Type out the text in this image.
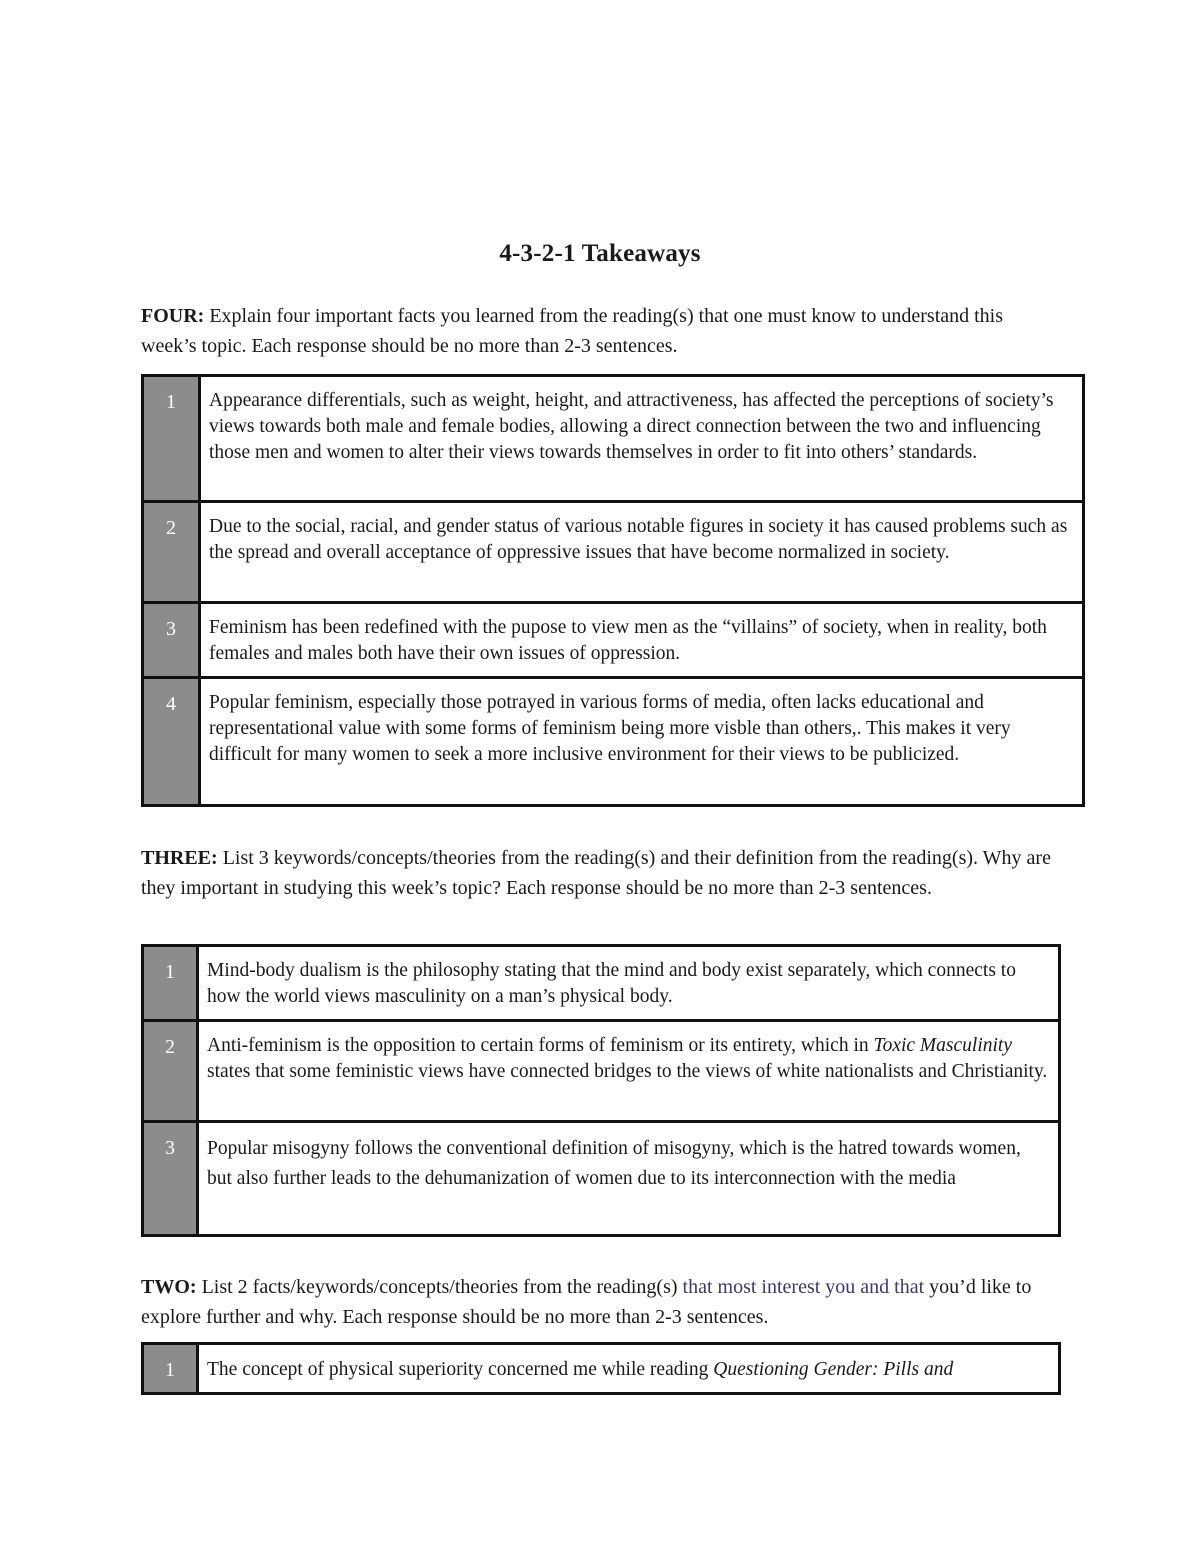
4-3-2-1 Takeaways
FOUR: Explain four important facts you learned from the reading(s) that one must know to understand this week’s topic. Each response should be no more than 2-3 sentences.
1	Appearance differentials, such as weight, height, and attractiveness, has affected the perceptions of society’s views towards both male and female bodies, allowing a direct connection between the two and influencing those men and women to alter their views towards themselves in order to fit into others’ standards.
2	Due to the social, racial, and gender status of various notable figures in society it has caused problems such as the spread and overall acceptance of oppressive issues that have become normalized in society.
3	Feminism has been redefined with the pupose to view men as the “villains” of society, when in reality, both females and males both have their own issues of oppression.
4	Popular feminism, especially those potrayed in various forms of media, often lacks educational and representational value with some forms of feminism being more visble than others,. This makes it very difficult for many women to seek a more inclusive environment for their views to be publicized.
THREE: List 3 keywords/concepts/theories from the reading(s) and their definition from the reading(s). Why are they important in studying this week’s topic? Each response should be no more than 2-3 sentences.
1	Mind-body dualism is the philosophy stating that the mind and body exist separately, which connects to how the world views masculinity on a man’s physical body.
2	Anti-feminism is the opposition to certain forms of feminism or its entirety, which in Toxic Masculinity states that some feministic views have connected bridges to the views of white nationalists and Christianity.
3	Popular misogyny follows the conventional definition of misogyny, which is the hatred towards women, but also further leads to the dehumanization of women due to its interconnection with the media
TWO: List 2 facts/keywords/concepts/theories from the reading(s) that most interest you and that you’d like to explore further and why. Each response should be no more than 2-3 sentences.
1	The concept of physical superiority concerned me while reading Questioning Gender: Pills and
